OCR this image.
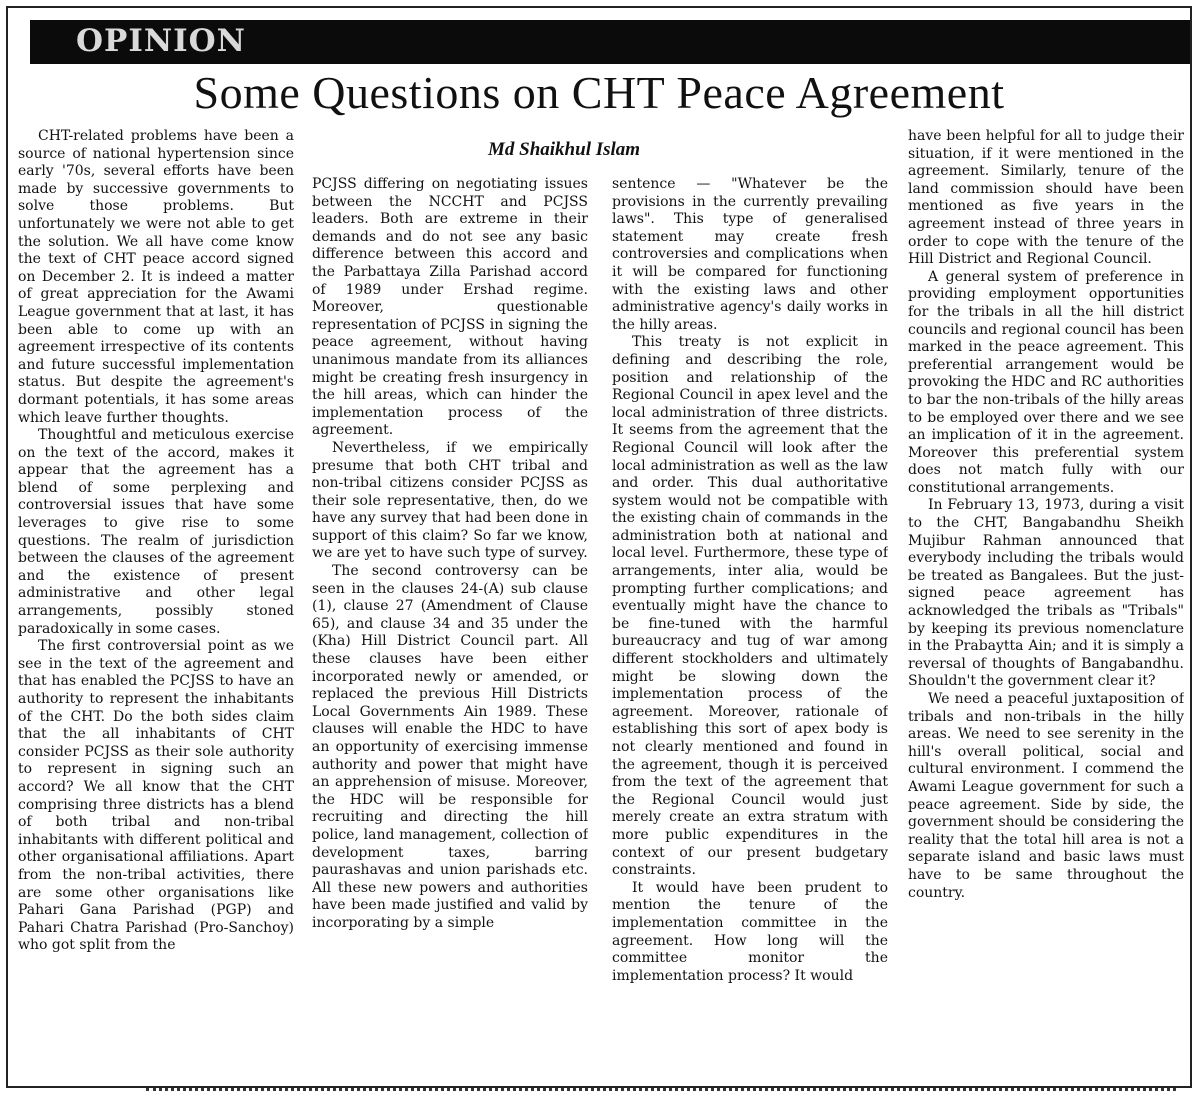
OPINION
Some Questions on CHT Peace Agreement
Md Shaikhul Islam

CHT-related problems have been a source of national hypertension since early '70s, several efforts have been made by successive governments to solve those problems. But unfortunately we were not able to get the solution. We all have come know the text of CHT peace accord signed on December 2. It is indeed a matter of great appreciation for the Awami League government that at last, it has been able to come up with an agreement irrespective of its contents and future successful implementation status. But despite the agreement's dormant potentials, it has some areas which leave further thoughts.

Thoughtful and meticulous exercise on the text of the accord, makes it appear that the agreement has a blend of some perplexing and controversial issues that have some leverages to give rise to some questions. The realm of jurisdiction between the clauses of the agreement and the existence of present administrative and other legal arrangements, possibly stoned paradoxically in some cases.

The first controversial point as we see in the text of the agreement and that has enabled the PCJSS to have an authority to represent the inhabitants of the CHT. Do the both sides claim that the all inhabitants of CHT consider PCJSS as their sole authority to represent in signing such an accord? We all know that the CHT comprising three districts has a blend of both tribal and non-tribal inhabitants with different political and other organisational affiliations. Apart from the non-tribal activities, there are some other organisations like Pahari Gana Parishad (PGP) and Pahari Chatra Parishad (Pro-Sanchoy) who got split from the

PCJSS differing on negotiating issues between the NCCHT and PCJSS leaders. Both are extreme in their demands and do not see any basic difference between this accord and the Parbattaya Zilla Parishad accord of 1989 under Ershad regime. Moreover, questionable representation of PCJSS in signing the peace agreement, without having unanimous mandate from its alliances might be creating fresh insurgency in the hill areas, which can hinder the implementation process of the agreement.

Nevertheless, if we empirically presume that both CHT tribal and non-tribal citizens consider PCJSS as their sole representative, then, do we have any survey that had been done in support of this claim? So far we know, we are yet to have such type of survey.

The second controversy can be seen in the clauses 24-(A) sub clause (1), clause 27 (Amendment of Clause 65), and clause 34 and 35 under the (Kha) Hill District Council part. All these clauses have been either incorporated newly or amended, or replaced the previous Hill Districts Local Governments Ain 1989. These clauses will enable the HDC to have an opportunity of exercising immense authority and power that might have an apprehension of misuse. Moreover, the HDC will be responsible for recruiting and directing the hill police, land management, collection of development taxes, barring paurashavas and union parishads etc. All these new powers and authorities have been made justified and valid by incorporating by a simple

sentence — "Whatever be the provisions in the currently prevailing laws". This type of generalised statement may create fresh controversies and complications when it will be compared for functioning with the existing laws and other administrative agency's daily works in the hilly areas.

This treaty is not explicit in defining and describing the role, position and relationship of the Regional Council in apex level and the local administration of three districts. It seems from the agreement that the Regional Council will look after the local administration as well as the law and order. This dual authoritative system would not be compatible with the existing chain of commands in the administration both at national and local level. Furthermore, these type of arrangements, inter alia, would be prompting further complications; and eventually might have the chance to be fine-tuned with the harmful bureaucracy and tug of war among different stockholders and ultimately might be slowing down the implementation process of the agreement. Moreover, rationale of establishing this sort of apex body is not clearly mentioned and found in the agreement, though it is perceived from the text of the agreement that the Regional Council would just merely create an extra stratum with more public expenditures in the context of our present budgetary constraints.

It would have been prudent to mention the tenure of the implementation committee in the agreement. How long will the committee monitor the implementation process? It would

have been helpful for all to judge their situation, if it were mentioned in the agreement. Similarly, tenure of the land commission should have been mentioned as five years in the agreement instead of three years in order to cope with the tenure of the Hill District and Regional Council.

A general system of preference in providing employment opportunities for the tribals in all the hill district councils and regional council has been marked in the peace agreement. This preferential arrangement would be provoking the HDC and RC authorities to bar the non-tribals of the hilly areas to be employed over there and we see an implication of it in the agreement. Moreover this preferential system does not match fully with our constitutional arrangements.

In February 13, 1973, during a visit to the CHT, Bangabandhu Sheikh Mujibur Rahman announced that everybody including the tribals would be treated as Bangalees. But the just-signed peace agreement has acknowledged the tribals as "Tribals" by keeping its previous nomenclature in the Prabaytta Ain; and it is simply a reversal of thoughts of Bangabandhu. Shouldn't the government clear it?

We need a peaceful juxtaposition of tribals and non-tribals in the hilly areas. We need to see serenity in the hill's overall political, social and cultural environment. I commend the Awami League government for such a peace agreement. Side by side, the government should be considering the reality that the total hill area is not a separate island and basic laws must have to be same throughout the country.
